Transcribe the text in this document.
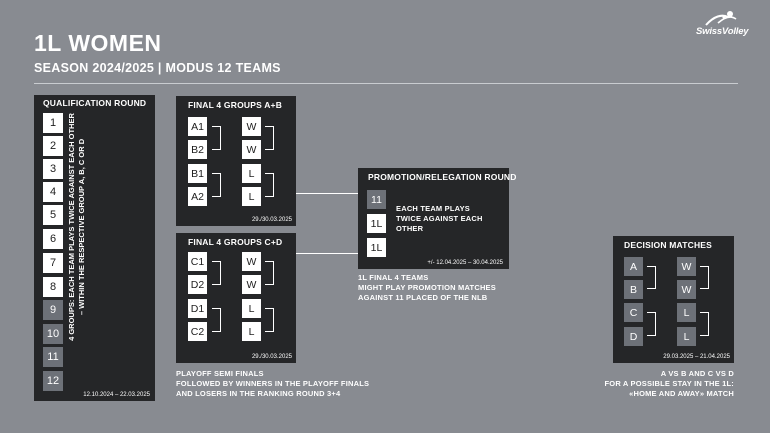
1L WOMEN
SEASON 2024/2025 | MODUS 12 TEAMS
SwissVolley
QUALIFICATION ROUND
1
2
3
4
5
6
7
8
9
10
11
12
12.10.2024 – 22.03.2025
4 GROUPS: EACH TEAM PLAYS TWICE AGAINST EACH OTHER – WITHIN THE RESPECTIVE GROUP A, B, C OR D
FINAL 4 GROUPS A+B
A1
B2
B1
A2
W
W
L
L
29./30.03.2025
FINAL 4 GROUPS C+D
C1
D2
D1
C2
W
W
L
L
29./30.03.2025
PLAYOFF SEMI FINALS
FOLLOWED BY WINNERS IN THE PLAYOFF FINALS
AND LOSERS IN THE RANKING ROUND 3+4
PROMOTION/RELEGATION ROUND
11
1L
1L
+/- 12.04.2025 – 30.04.2025
EACH TEAM PLAYS
TWICE AGAINST EACH
OTHER
1L FINAL 4 TEAMS
MIGHT PLAY PROMOTION MATCHES
AGAINST 11 PLACED OF THE NLB
DECISION MATCHES
A
B
C
D
W
W
L
L
29.03.2025 – 21.04.2025
A VS B AND C VS D
FOR A POSSIBLE STAY IN THE 1L:
«HOME AND AWAY» MATCH
